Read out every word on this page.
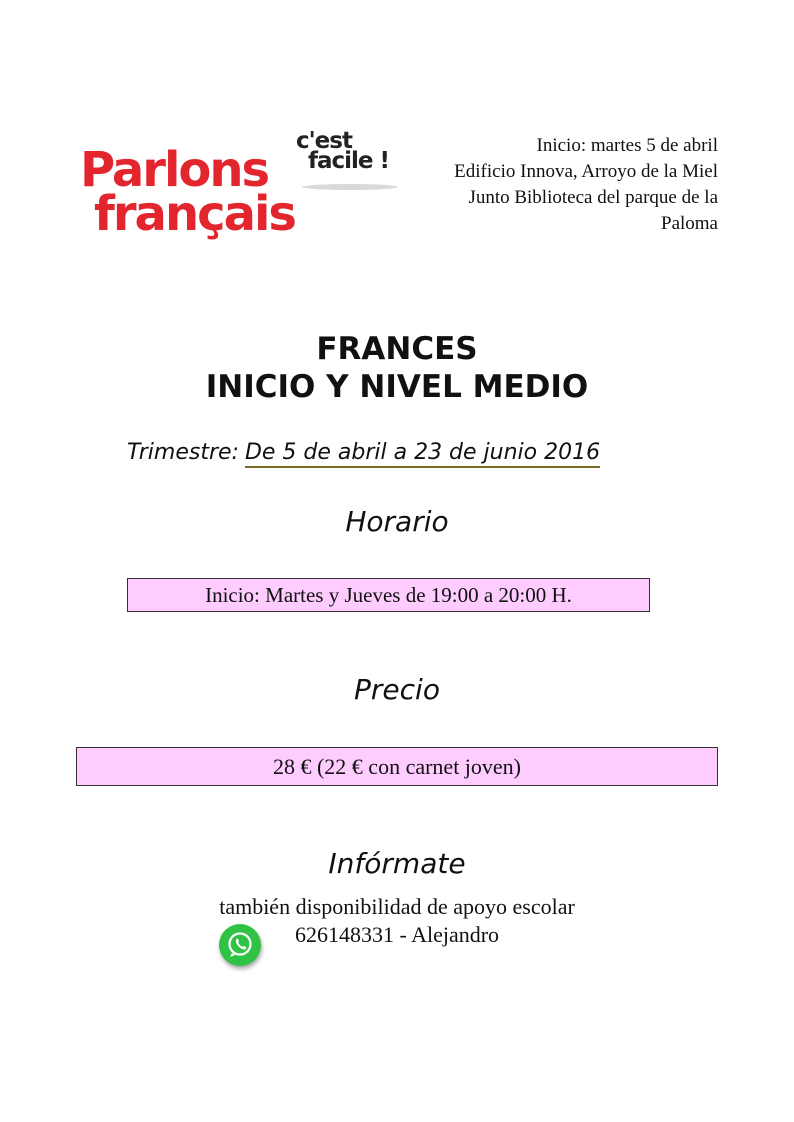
c'est
facile !
Parlons
français
Inicio: martes 5 de abril
Edificio Innova, Arroyo de la Miel
Junto Biblioteca del parque de la
Paloma
FRANCES
INICIO Y NIVEL MEDIO
Trimestre: De 5 de abril a 23 de junio 2016
Horario
Inicio: Martes y Jueves de 19:00 a 20:00 H.
Precio
28 € (22 € con carnet joven)
Infórmate
también disponibilidad de apoyo escolar
626148331 - Alejandro
